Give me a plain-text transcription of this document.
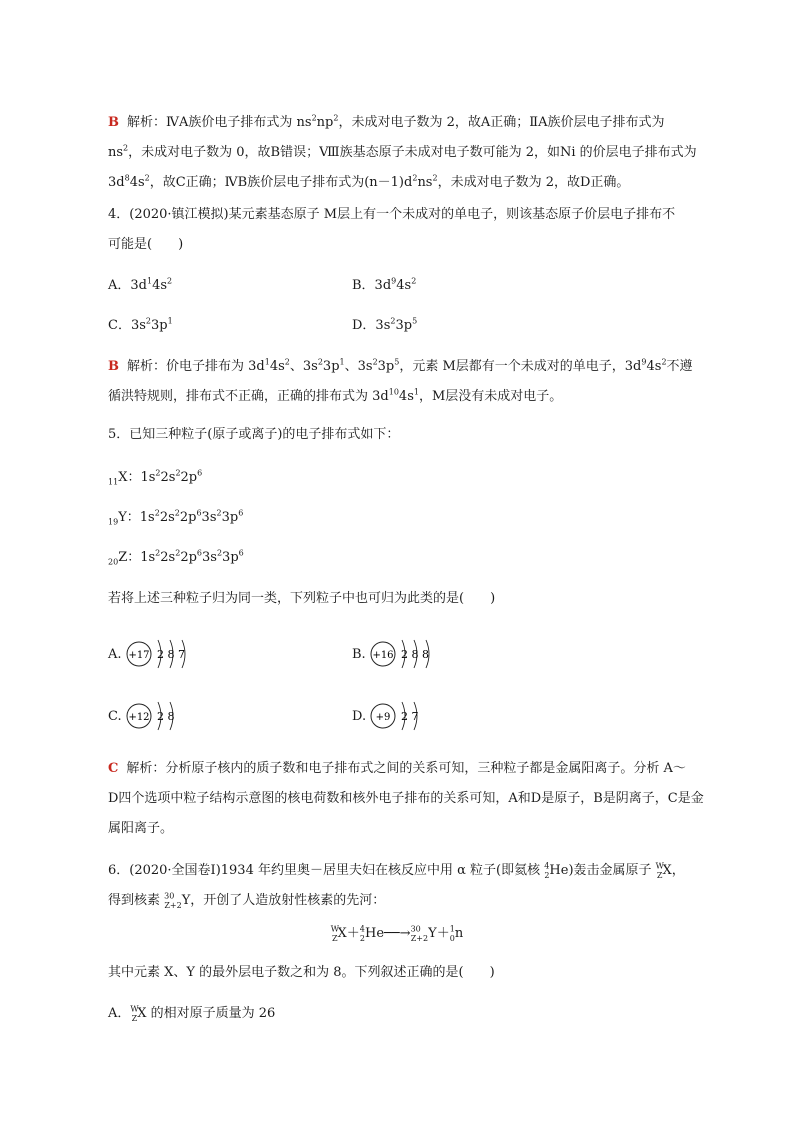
B 解析：ⅣA族价电子排布式为 $ns^2np^2$，未成对电子数为 2，故A正确；ⅡA族价层电子排布式为
$ns^2$，未成对电子数为 0，故B错误；Ⅷ族基态原子未成对电子数可能为 2，如Ni 的价层电子排布式为
$3d^84s^2$，故C正确；ⅣB族价层电子排布式为$(n-1)d^2ns^2$，未成对电子数为 2，故D正确。
4．(2020·镇江模拟)某元素基态原子 M层上有一个未成对的单电子，则该基态原子价层电子排布不
可能是(　　)
A．$3d^14s^2$	B．$3d^94s^2$
C．$3s^23p^1$	D．$3s^23p^5$
B 解析：价电子排布为 $3d^14s^2$、$3s^23p^1$、$3s^23p^5$，元素 M层都有一个未成对的单电子，$3d^94s^2$不遵
循洪特规则，排布式不正确，正确的排布式为 $3d^{10}4s^1$，M层没有未成对电子。
5．已知三种粒子(原子或离子)的电子排布式如下：
$_{11}$X：$1s^22s^22p^6$
$_{19}$Y：$1s^22s^22p^63s^23p^6$
$_{20}$Z：$1s^22s^22p^63s^23p^6$
若将上述三种粒子归为同一类，下列粒子中也可归为此类的是(　　)
A. +17 2 8 7	B. +16 2 8 8
C. +12 2 8	D. +9 2 7
C 解析：分析原子核内的质子数和电子排布式之间的关系可知，三种粒子都是金属阳离子。分析 A～
D四个选项中粒子结构示意图的核电荷数和核外电子排布的关系可知，A和D是原子，B是阴离子，C是金
属阳离子。
6．(2020·全国卷Ⅰ)1934 年约里奥－居里夫妇在核反应中用 α 粒子(即氦核 $^4_2$He)轰击金属原子 $^W_Z$X，
得到核素 $^{30}_{Z+2}$Y，开创了人造放射性核素的先河：
$^W_Z$X＋$^4_2$He──→$^{30}_{Z+2}$Y＋$^1_0$n
其中元素 X、Y 的最外层电子数之和为 8。下列叙述正确的是(　　)
A．$^W_Z$X 的相对原子质量为 26
